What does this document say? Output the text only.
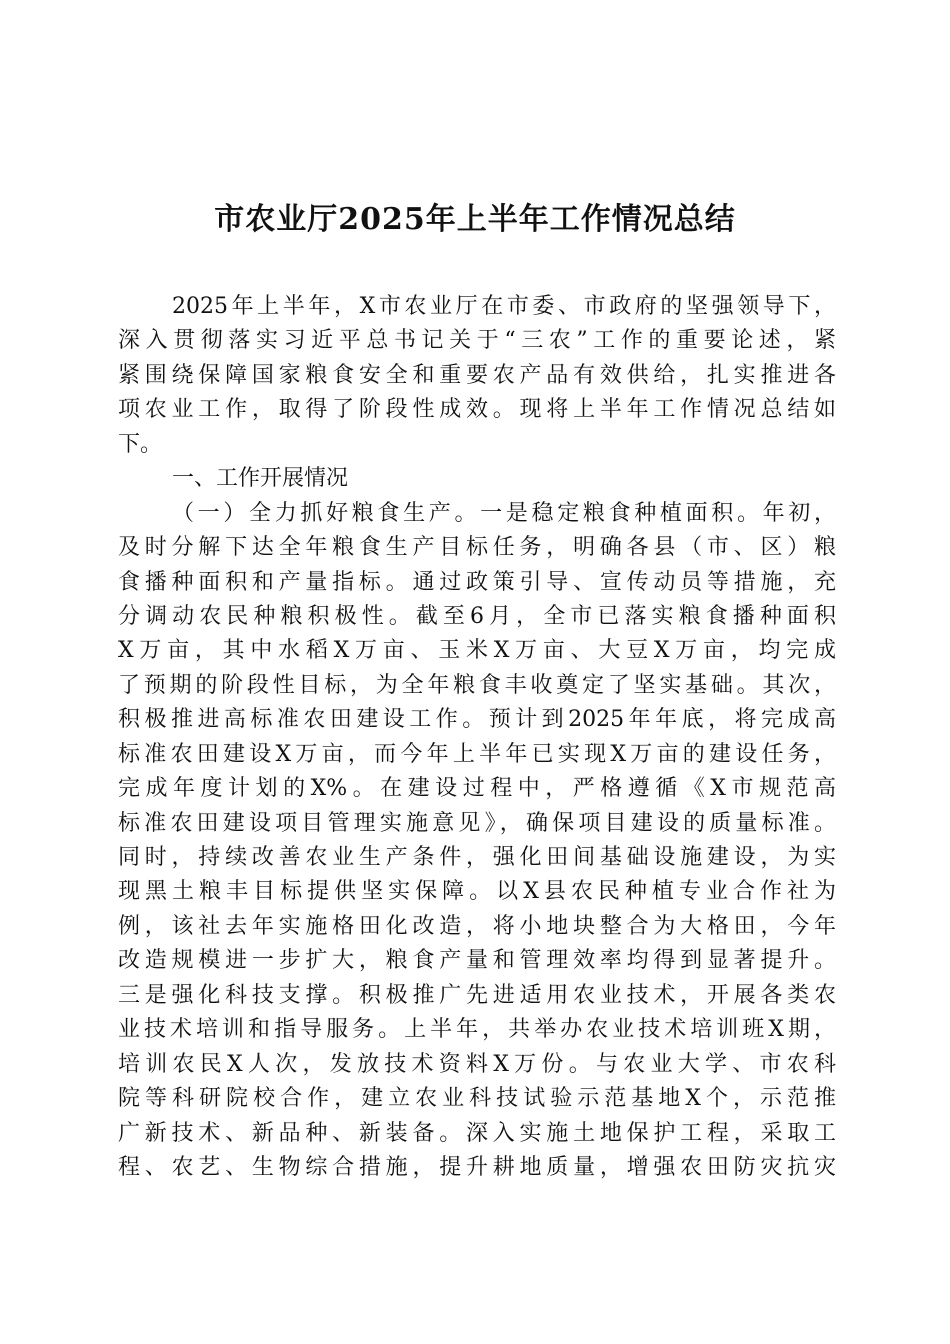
市农业厅2025年上半年工作情况总结
2025年上半年，X市农业厅在市委、市政府的坚强领导下，
深入贯彻落实习近平总书记关于“三农”工作的重要论述，紧
紧围绕保障国家粮食安全和重要农产品有效供给，扎实推进各
项农业工作，取得了阶段性成效。现将上半年工作情况总结如
下。
一、工作开展情况
（一）全力抓好粮食生产。一是稳定粮食种植面积。年初，
及时分解下达全年粮食生产目标任务，明确各县（市、区）粮
食播种面积和产量指标。通过政策引导、宣传动员等措施，充
分调动农民种粮积极性。截至6月，全市已落实粮食播种面积
X万亩，其中水稻X万亩、玉米X万亩、大豆X万亩，均完成
了预期的阶段性目标，为全年粮食丰收奠定了坚实基础。其次，
积极推进高标准农田建设工作。预计到2025年年底，将完成高
标准农田建设X万亩，而今年上半年已实现X万亩的建设任务，
完成年度计划的X%。在建设过程中，严格遵循《X市规范高
标准农田建设项目管理实施意见》，确保项目建设的质量标准。
同时，持续改善农业生产条件，强化田间基础设施建设，为实
现黑土粮丰目标提供坚实保障。以X县农民种植专业合作社为
例，该社去年实施格田化改造，将小地块整合为大格田，今年
改造规模进一步扩大，粮食产量和管理效率均得到显著提升。
三是强化科技支撑。积极推广先进适用农业技术，开展各类农
业技术培训和指导服务。上半年，共举办农业技术培训班X期，
培训农民X人次，发放技术资料X万份。与农业大学、市农科
院等科研院校合作，建立农业科技试验示范基地X个，示范推
广新技术、新品种、新装备。深入实施土地保护工程，采取工
程、农艺、生物综合措施，提升耕地质量，增强农田防灾抗灾
